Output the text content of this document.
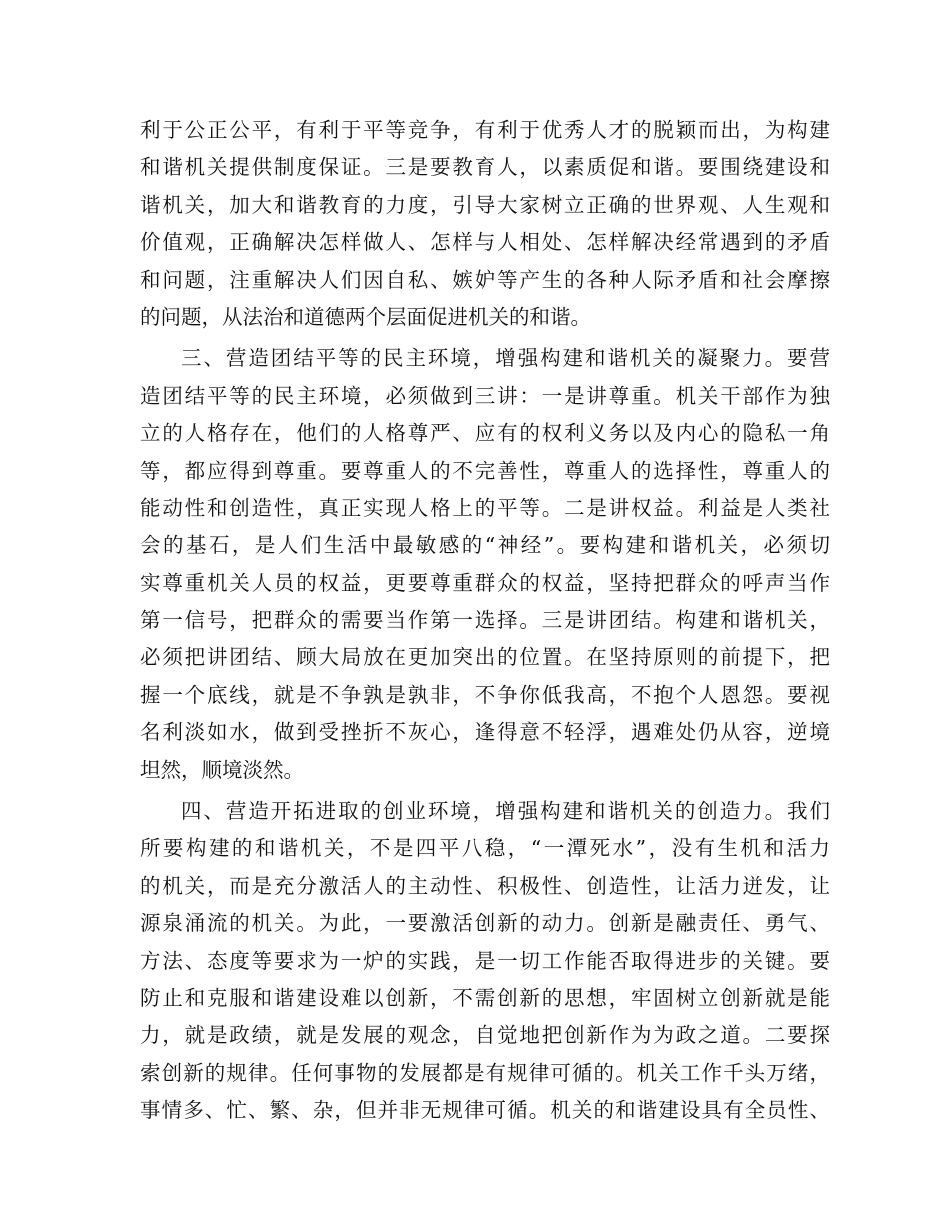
利于公正公平，有利于平等竞争，有利于优秀人才的脱颖而出，为构建
和谐机关提供制度保证。三是要教育人，以素质促和谐。要围绕建设和
谐机关，加大和谐教育的力度，引导大家树立正确的世界观、人生观和
价值观，正确解决怎样做人、怎样与人相处、怎样解决经常遇到的矛盾
和问题，注重解决人们因自私、嫉妒等产生的各种人际矛盾和社会摩擦
的问题，从法治和道德两个层面促进机关的和谐。
三、营造团结平等的民主环境，增强构建和谐机关的凝聚力。要营
造团结平等的民主环境，必须做到三讲：一是讲尊重。机关干部作为独
立的人格存在，他们的人格尊严、应有的权利义务以及内心的隐私一角
等，都应得到尊重。要尊重人的不完善性，尊重人的选择性，尊重人的
能动性和创造性，真正实现人格上的平等。二是讲权益。利益是人类社
会的基石，是人们生活中最敏感的“神经”。要构建和谐机关，必须切
实尊重机关人员的权益，更要尊重群众的权益，坚持把群众的呼声当作
第一信号，把群众的需要当作第一选择。三是讲团结。构建和谐机关，
必须把讲团结、顾大局放在更加突出的位置。在坚持原则的前提下，把
握一个底线，就是不争孰是孰非，不争你低我高，不抱个人恩怨。要视
名利淡如水，做到受挫折不灰心，逢得意不轻浮，遇难处仍从容，逆境
坦然，顺境淡然。
四、营造开拓进取的创业环境，增强构建和谐机关的创造力。我们
所要构建的和谐机关，不是四平八稳，“一潭死水”，没有生机和活力
的机关，而是充分激活人的主动性、积极性、创造性，让活力迸发，让
源泉涌流的机关。为此，一要激活创新的动力。创新是融责任、勇气、
方法、态度等要求为一炉的实践，是一切工作能否取得进步的关键。要
防止和克服和谐建设难以创新，不需创新的思想，牢固树立创新就是能
力，就是政绩，就是发展的观念，自觉地把创新作为为政之道。二要探
索创新的规律。任何事物的发展都是有规律可循的。机关工作千头万绪，
事情多、忙、繁、杂，但并非无规律可循。机关的和谐建设具有全员性、
